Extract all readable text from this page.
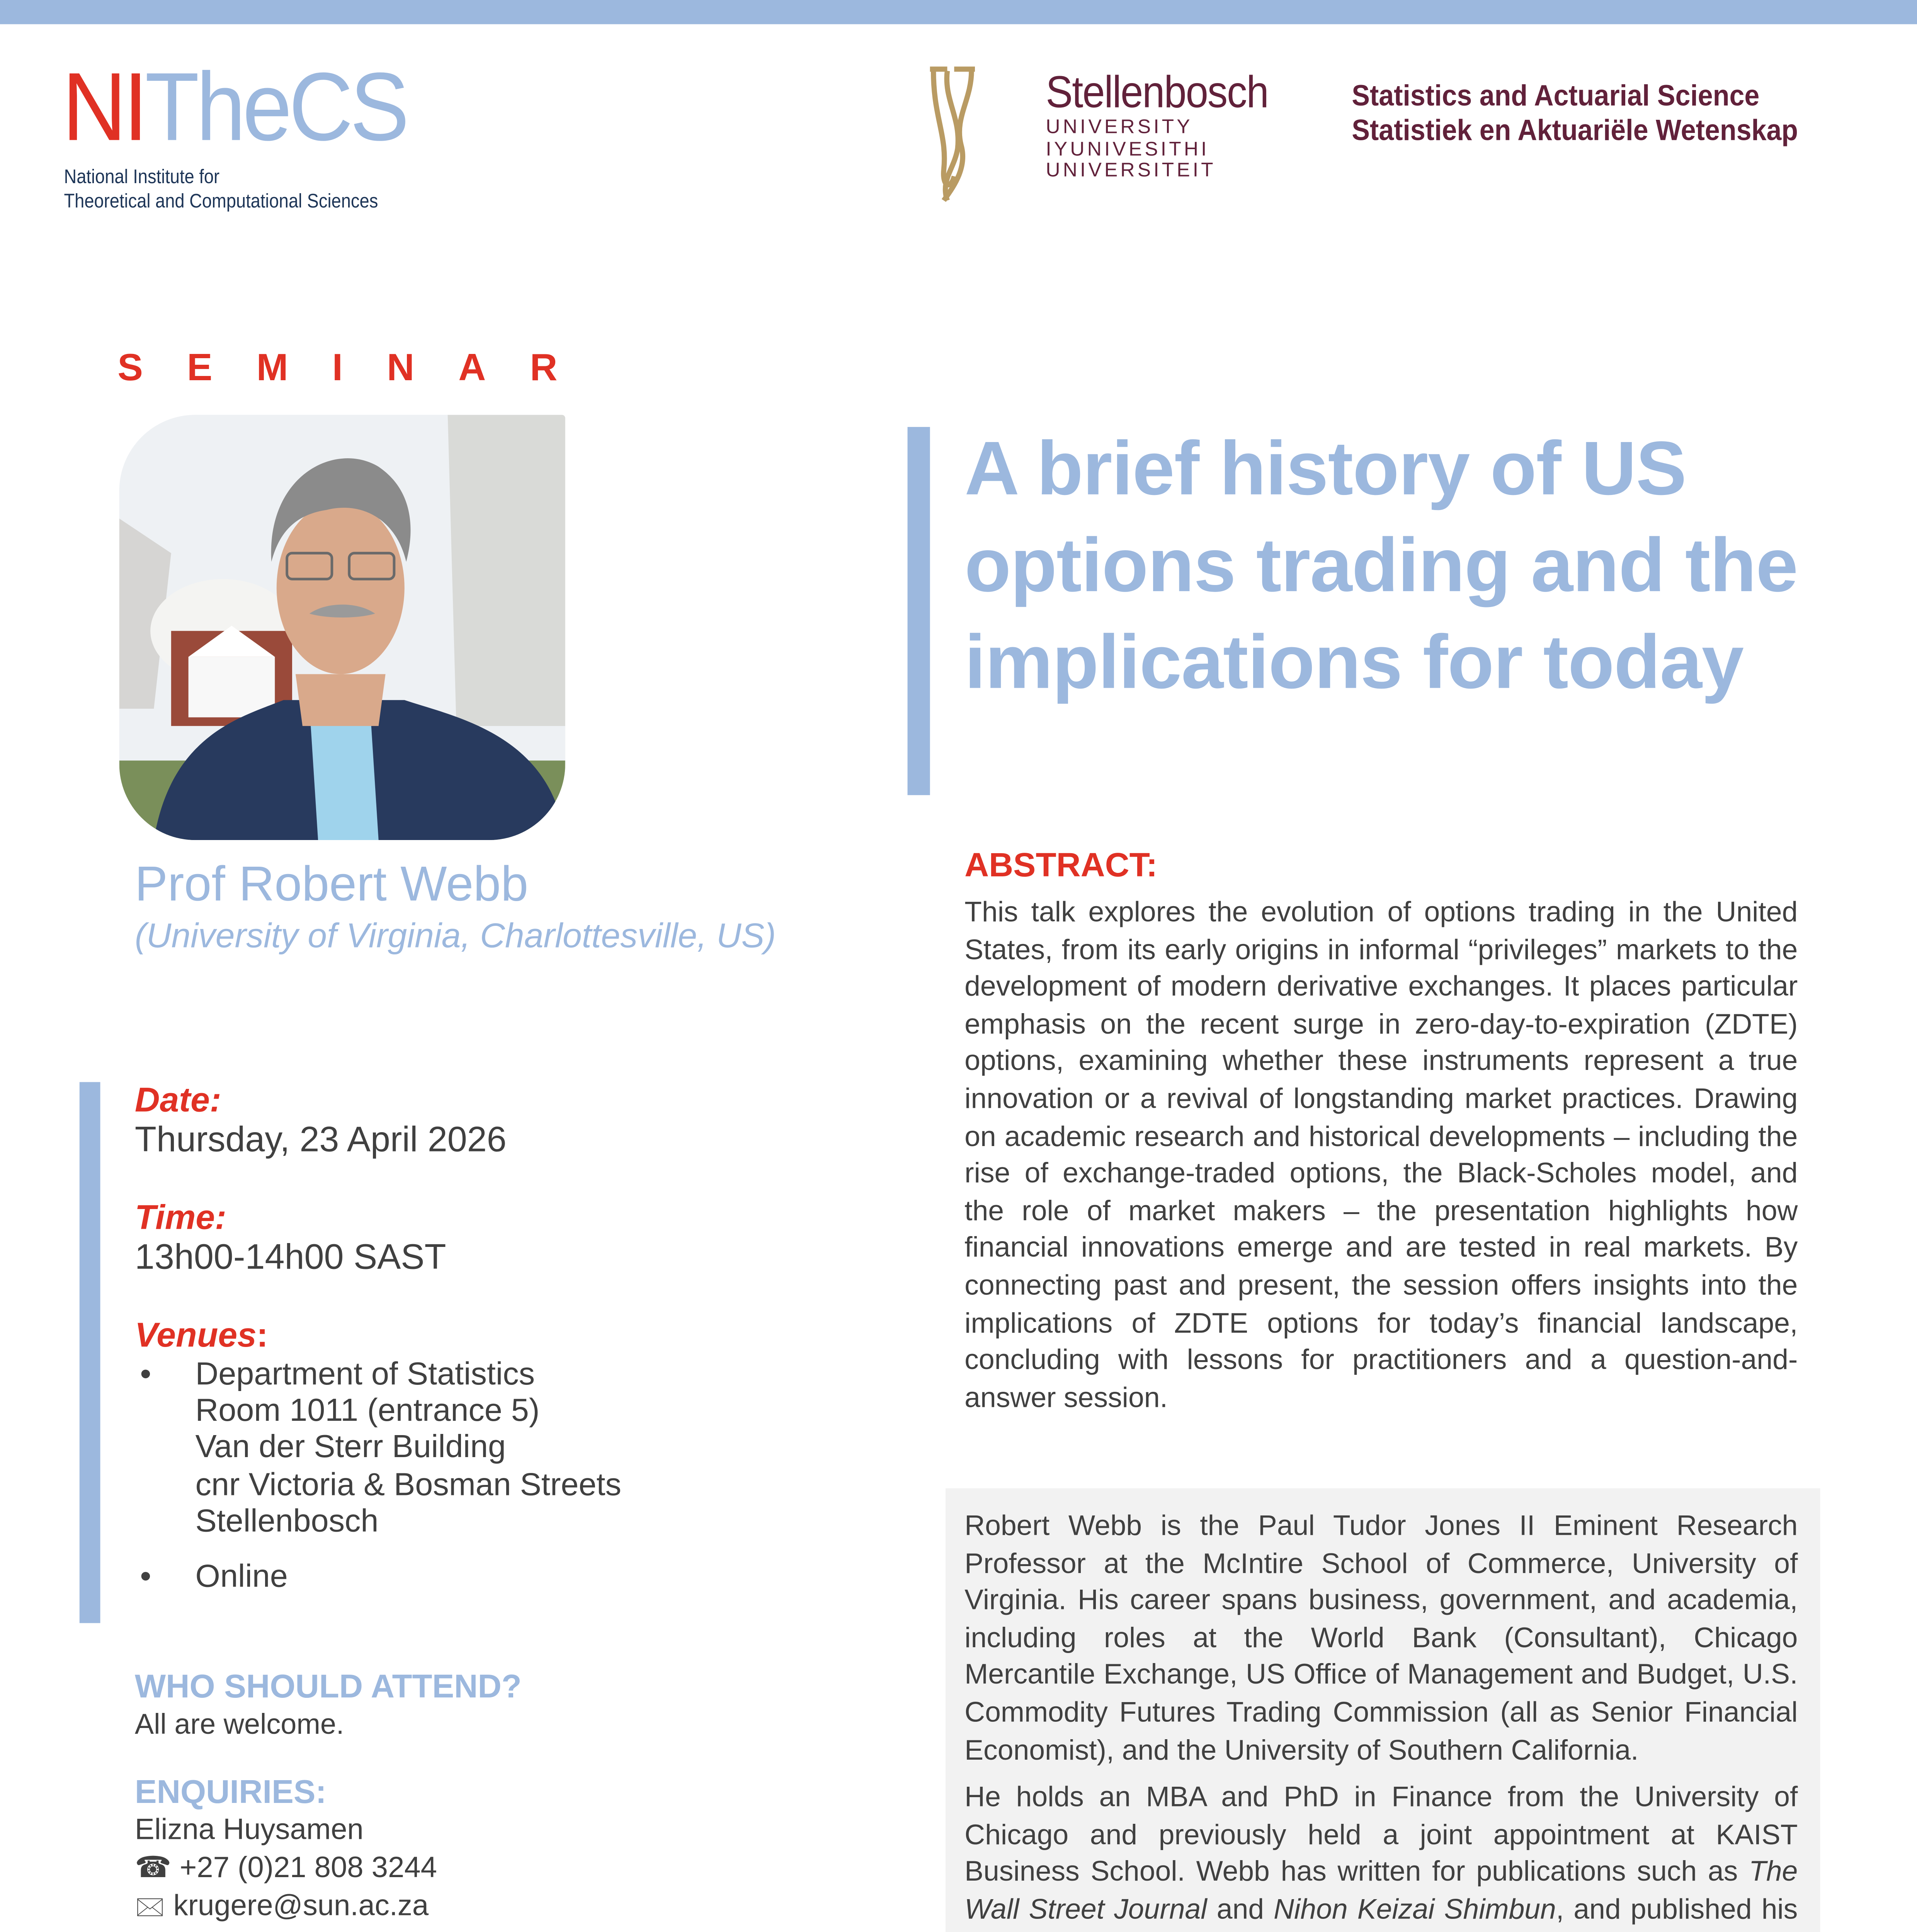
NITheCS
National Institute for
Theoretical and Computational Sciences
Stellenbosch
UNIVERSITY
IYUNIVESITHI
UNIVERSITEIT
Statistics and Actuarial Science
Statistiek en Aktuariële Wetenskap
SEMINAR
Prof Robert Webb
(University of Virginia, Charlottesville, US)
Date:
Thursday, 23 April 2026
Time:
13h00-14h00 SAST
Venues:
•	Department of Statistics
Room 1011 (entrance 5)
Van der Sterr Building
cnr Victoria & Bosman Streets
Stellenbosch
•	Online
WHO SHOULD ATTEND?
All are welcome.
ENQUIRIES:
Elizna Huysamen
☎ +27 (0)21 808 3244
🖂 krugere@sun.ac.za
A brief history of US options trading and the implications for today
ABSTRACT:
This talk explores the evolution of options trading in the United States, from its early origins in informal “privileges” markets to the development of modern derivative exchanges. It places particular emphasis on the recent surge in zero-day-to-expiration (ZDTE) options, examining whether these instruments represent a true innovation or a revival of longstanding market practices. Drawing on academic research and historical developments – including the rise of exchange-traded options, the Black-Scholes model, and the role of market makers – the presentation highlights how financial innovations emerge and are tested in real markets. By connecting past and present, the session offers insights into the implications of ZDTE options for today’s financial landscape, concluding with lessons for practitioners and a question-and-answer session.

Robert Webb is the Paul Tudor Jones II Eminent Research Professor at the McIntire School of Commerce, University of Virginia. His career spans business, government, and academia, including roles at the World Bank (Consultant), Chicago Mercantile Exchange, US Office of Management and Budget, U.S. Commodity Futures Trading Commission (all as Senior Financial Economist), and the University of Southern California.

He holds an MBA and PhD in Finance from the University of Chicago and previously held a joint appointment at KAIST Business School. Webb has written for publications such as The Wall Street Journal and Nihon Keizai Shimbun, and published his
